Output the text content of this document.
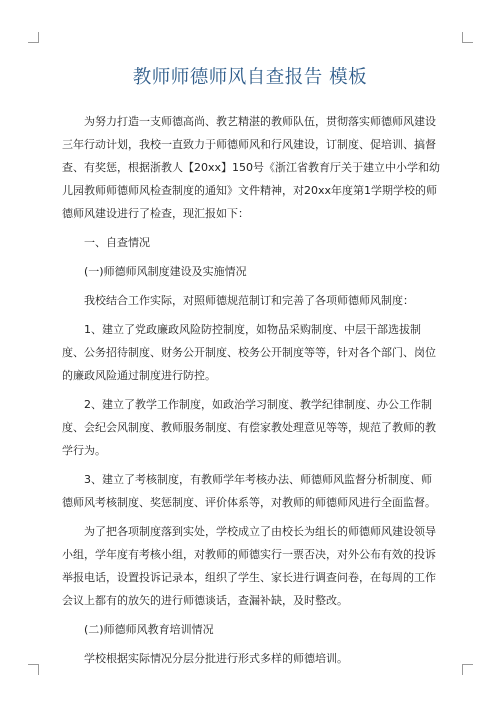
教师师德师风自查报告 模板

为努力打造一支师德高尚、教艺精湛的教师队伍，贯彻落实师德师风建设三年行动计划，我校一直致力于师德师风和行风建设，订制度、促培训、搞督查、有奖惩，根据浙教人【20xx】150号《浙江省教育厅关于建立中小学和幼儿园教师师德师风检查制度的通知》文件精神，对20xx年度第1学期学校的师德师风建设进行了检查，现汇报如下：

一、自查情况

(一)师德师风制度建设及实施情况

我校结合工作实际，对照师德规范制订和完善了各项师德师风制度：

1、建立了党政廉政风险防控制度，如物品采购制度、中层干部选拔制度、公务招待制度、财务公开制度、校务公开制度等等，针对各个部门、岗位的廉政风险通过制度进行防控。

2、建立了教学工作制度，如政治学习制度、教学纪律制度、办公工作制度、会纪会风制度、教师服务制度、有偿家教处理意见等等，规范了教师的教学行为。

3、建立了考核制度，有教师学年考核办法、师德师风监督分析制度、师德师风考核制度、奖惩制度、评价体系等，对教师的师德师风进行全面监督。

为了把各项制度落到实处，学校成立了由校长为组长的师德师风建设领导小组，学年度有考核小组，对教师的师德实行一票否决，对外公布有效的投诉举报电话，设置投诉记录本，组织了学生、家长进行调查问卷，在每周的工作会议上都有的放矢的进行师德谈话，查漏补缺，及时整改。

(二)师德师风教育培训情况

学校根据实际情况分层分批进行形式多样的师德培训。
